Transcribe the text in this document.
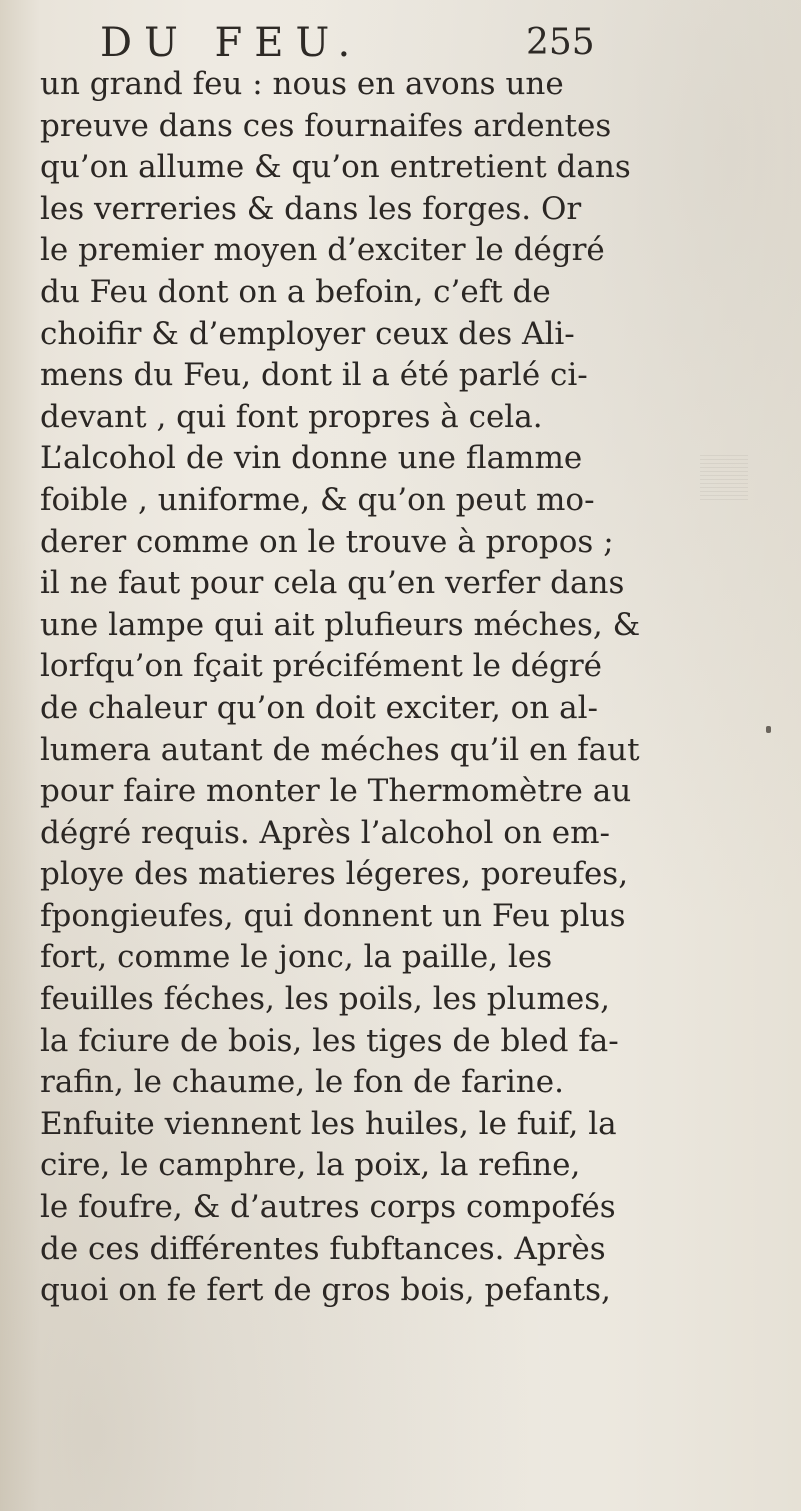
DU FEU.	255
un grand feu : nous en avons une
preuve dans ces fournaifes ardentes
qu’on allume & qu’on entretient dans
les verreries & dans les forges. Or
le premier moyen d’exciter le dégré
du Feu dont on a befoin, c’eft de
choifir & d’employer ceux des Ali-
mens du Feu, dont il a été parlé ci-
devant , qui font propres à cela.
L’alcohol de vin donne une flamme
foible , uniforme, & qu’on peut mo-
derer comme on le trouve à propos ;
il ne faut pour cela qu’en verfer dans
une lampe qui ait plufieurs méches, &
lorfqu’on fçait précifément le dégré
de chaleur qu’on doit exciter, on al-
lumera autant de méches qu’il en faut
pour faire monter le Thermomètre au
dégré requis. Après l’alcohol on em-
ploye des matieres légeres, poreufes,
fpongieufes, qui donnent un Feu plus
fort, comme le jonc, la paille, les
feuilles féches, les poils, les plumes,
la fciure de bois, les tiges de bled fa-
rafin, le chaume, le fon de farine.
Enfuite viennent les huiles, le fuif, la
cire, le camphre, la poix, la refine,
le foufre, & d’autres corps compofés
de ces différentes fubftances. Après
quoi on fe fert de gros bois, pefants,
